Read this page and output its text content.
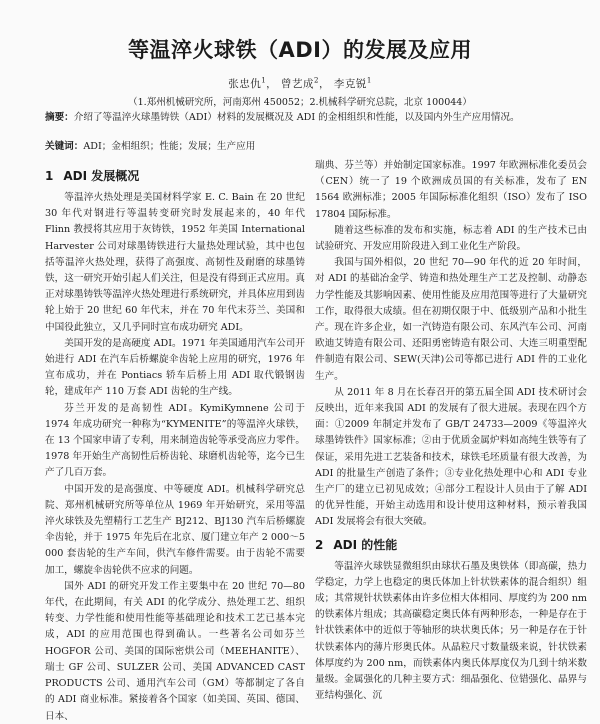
等温淬火球铁（ADI）的发展及应用
张忠仇$^1$， 曾艺成$^2$， 李克锐$^1$
（1.郑州机械研究所，河南郑州 450052；2.机械科学研究总院，北京 100044）
摘要：介绍了等温淬火球墨铸铁（ADI）材料的发展概况及 ADI 的金相组织和性能，以及国内外生产应用情况。
关键词：ADI；金相组织；性能；发展；生产应用
1 ADI 发展概况

等温淬火热处理是美国材料学家 E. C. Bain 在 20 世纪 30 年代对钢进行等温转变研究时发展起来的，40 年代 Flinn 教授将其应用于灰铸铁，1952 年美国 International Harvester 公司对球墨铸铁进行大量热处理试验，其中也包括等温淬火热处理，获得了高强度、高韧性及耐磨的球墨铸铁，这一研究开始引起人们关注，但是没有得到正式应用。真正对球墨铸铁等温淬火热处理进行系统研究，并具体应用到齿轮上始于 20 世纪 60 年代末，并在 70 年代末芬兰、美国和中国役此独立，又几乎同时宣布成功研究 ADI。

美国开发的是高硬度 ADI。1971 年美国通用汽车公司开始进行 ADI 在汽车后桥螺旋伞齿轮上应用的研究，1976 年宣布成功，并在 Pontiacs 轿车后桥上用 ADI 取代锻钢齿轮，建成年产 110 万套 ADI 齿轮的生产线。

芬兰开发的是高韧性 ADI。KymiKymnene 公司于 1974 年成功研究一种称为“KYMENITE”的等温淬火球铁，在 13 个国家申请了专利，用来制造齿轮等承受高应力零件。1978 年开始生产高韧性后桥齿轮、球磨机齿轮等，迄今已生产了几百万套。

中国开发的是高强度、中等硬度 ADI。机械科学研究总院、郑州机械研究所等单位从 1969 年开始研究，采用等温淬火球铁及先塑精行工艺生产 BJ212、BJ130 汽车后桥螺旋伞齿轮，并于 1975 年先后在北京、厦门建立年产 2 000～5 000 套齿轮的生产车间，供汽车修件需要。由于齿轮不需要加工，螺旋伞齿轮供不应求的问题。

国外 ADI 的研究开发工作主要集中在 20 世纪 70—80 年代，在此期间，有关 ADI 的化学成分、热处理工艺、组织转变、力学性能和使用性能等基础理论和技术工艺已基本完成，ADI 的应用范围也得到确认。一些著名公司如芬兰 HOGFOR 公司、美国的国际密烘公司（MEEHANITE）、瑞士 GF 公司、SULZER 公司、美国 ADVANCED CAST PRODUCTS 公司、通用汽车公司（GM）等都制定了各自的 ADI 商业标准。紧接着各个国家（如美国、英国、德国、日本、

瑞典、芬兰等）并始制定国家标准。1997 年欧洲标准化委员会（CEN）统一了 19 个欧洲成员国的有关标准，发布了 EN 1564 欧洲标准；2005 年国际标准化组织（ISO）发布了 ISO 17804 国际标准。

随着这些标准的发布和实施，标志着 ADI 的生产技术已由试验研究、开发应用阶段进入到工业化生产阶段。

我国与国外相似，20 世纪 70—90 年代的近 20 年时间，对 ADI 的基础冶金学、铸造和热处理生产工艺及控制、动静态力学性能及其影响因素、使用性能及应用范围等进行了大量研究工作，取得很大成绩。但在初期仅限于中、低级别产品和小批生产。现在许多企业，如一汽铸造有限公司、东风汽车公司、河南欧迪艾铸造有限公司、还阳勇密铸造有限公司、大连三明重型配件制造有限公司、SEW(天津)公司等都已进行 ADI 件的工业化生产。

从 2011 年 8 月在长春召开的第五届全国 ADI 技术研讨会反映出，近年来我国 ADI 的发展有了很大进展。表现在四个方面：①2009 年制定并发布了 GB/T 24733—2009《等温淬火球墨铸铁件》国家标准；②由于优质金属炉料如高纯生铁等有了保证，采用先进工艺装备和技术，球铁毛坯质量有很大改善，为 ADI 的批量生产创造了条件；③专业化热处理中心和 ADI 专业生产厂的建立已初见成效；④部分工程设计人员由于了解 ADI 的优异性能，开始主动选用和设计使用这种材料，预示着我国 ADI 发展将会有很大突破。

2 ADI 的性能

等温淬火球铁显微组织由球状石墨及奥铁体（即高碳，热力学稳定，力学上也稳定的奥氏体加上针状铁素体的混合组织）组成；其常规针状铁素体由许多位相大体相同、厚度约为 200 nm 的铁素体片组成；其高碳稳定奥氏体有两种形态，一种是存在于针状铁素体中的近似于等轴形的块状奥氏体；另一种是存在于针状铁素体内的薄片形奥氏体。从晶粒尺寸数量级来说，针状铁素体厚度约为 200 nm，而铁素体内奥氏体厚度仅为几到十纳米数量级。金属强化的几种主要方式：细晶强化、位错强化、晶界与亚结构强化、沉
